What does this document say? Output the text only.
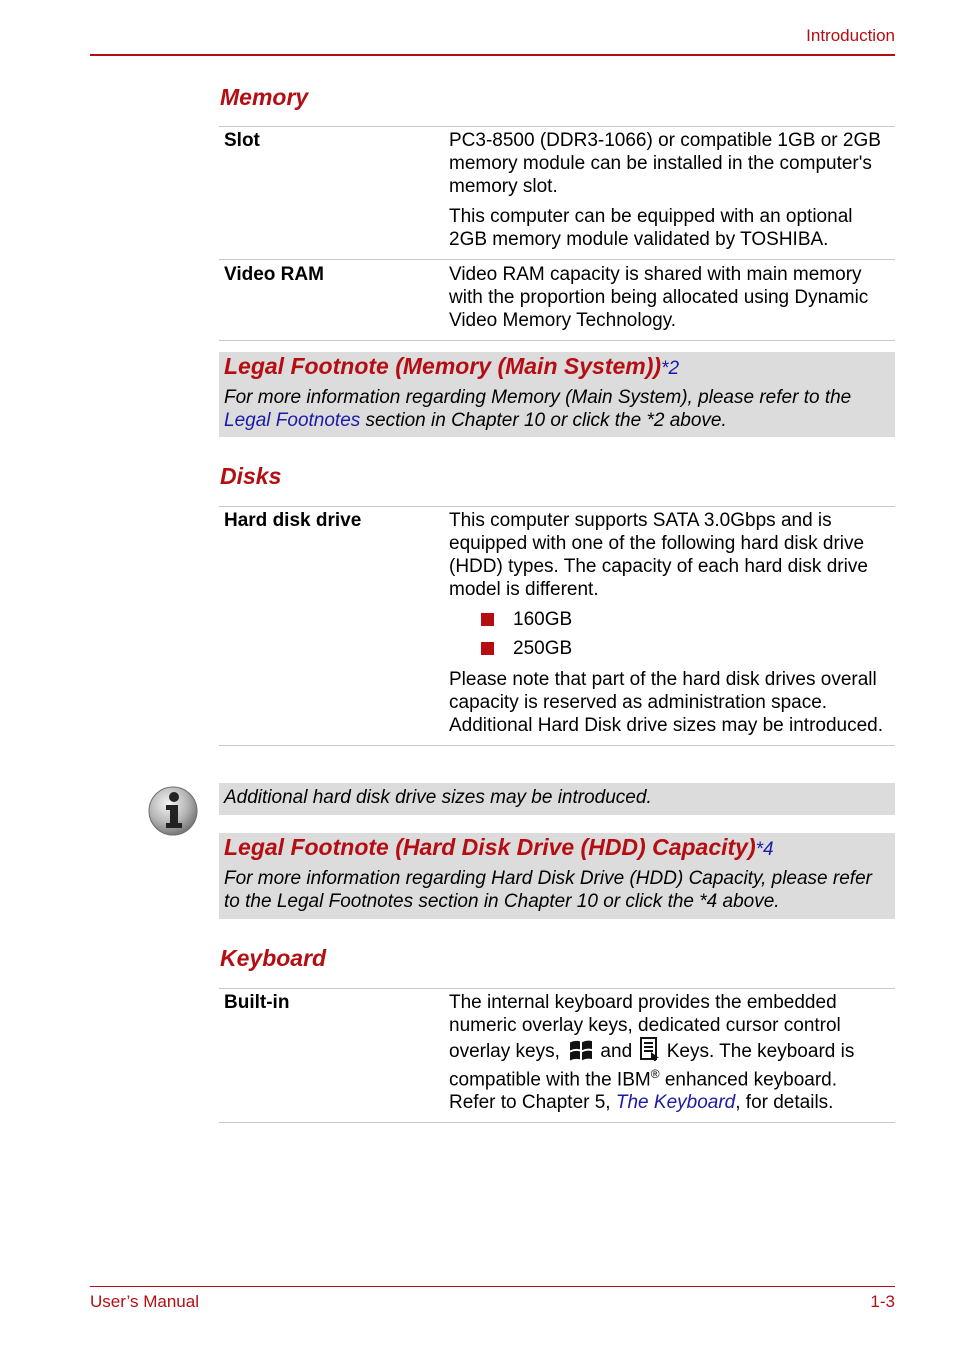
Introduction
Memory
Slot	PC3-8500 (DDR3-1066) or compatible 1GB or 2GB memory module can be installed in the computer's memory slot.

This computer can be equipped with an optional 2GB memory module validated by TOSHIBA.

Video RAM	Video RAM capacity is shared with main memory with the proportion being allocated using Dynamic Video Memory Technology.

Legal Footnote (Memory (Main System))*2
For more information regarding Memory (Main System), please refer to the Legal Footnotes section in Chapter 10 or click the *2 above.
Disks
Hard disk drive	This computer supports SATA 3.0Gbps and is equipped with one of the following hard disk drive (HDD) types. The capacity of each hard disk drive model is different.

160GB
250GB

Please note that part of the hard disk drives overall capacity is reserved as administration space. Additional Hard Disk drive sizes may be introduced.

Additional hard disk drive sizes may be introduced.
Legal Footnote (Hard Disk Drive (HDD) Capacity)*4
For more information regarding Hard Disk Drive (HDD) Capacity, please refer to the Legal Footnotes section in Chapter 10 or click the *4 above.
Keyboard
Built-in	The internal keyboard provides the embedded numeric overlay keys, dedicated cursor control overlay keys,  and  Keys. The keyboard is compatible with the IBM® enhanced keyboard. Refer to Chapter 5, The Keyboard, for details.

User’s Manual	1-3
